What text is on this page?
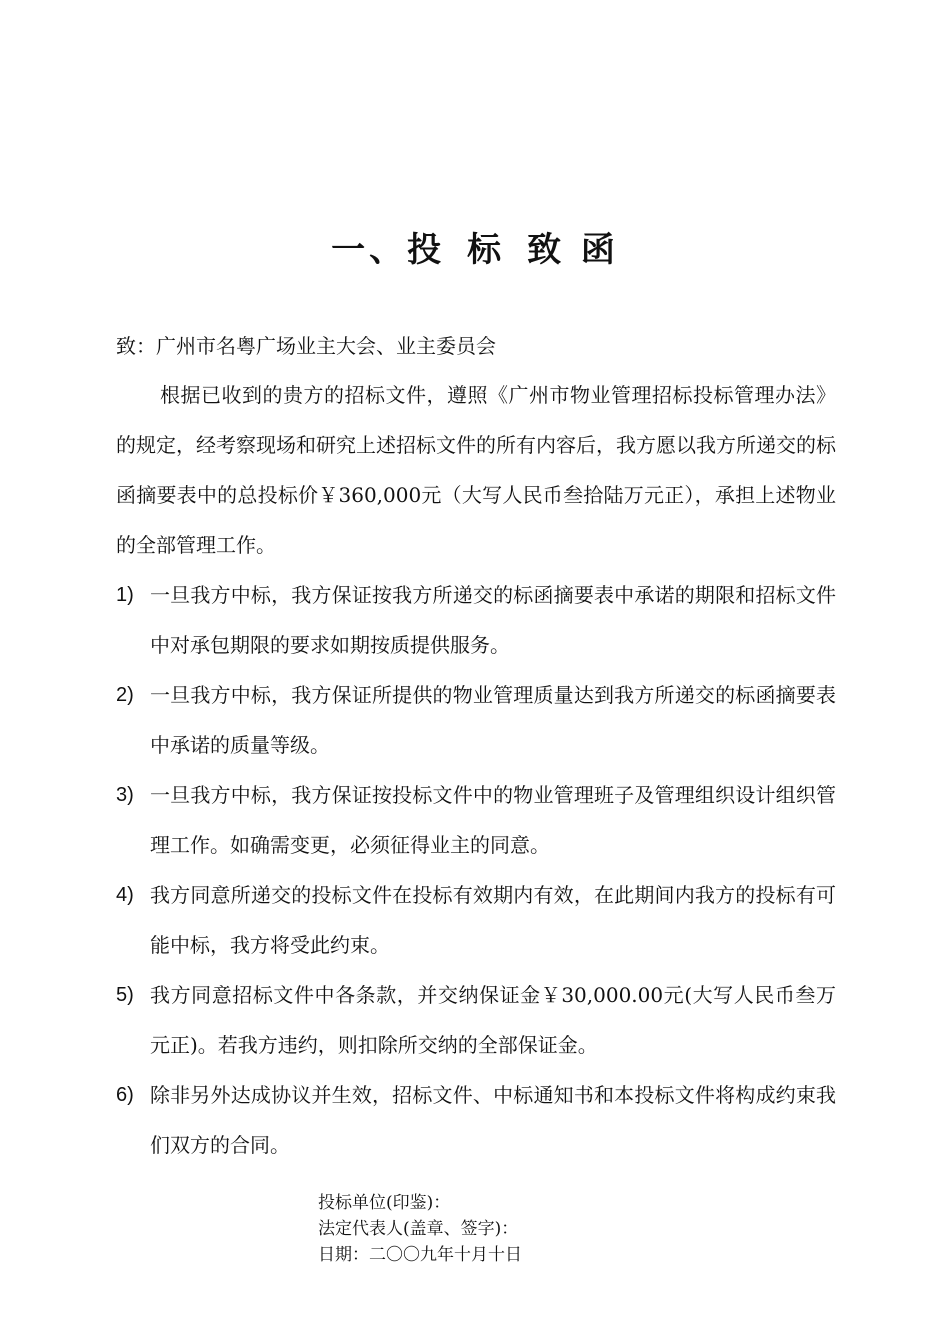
一、投 标 致 函
致：广州市名粤广场业主大会、业主委员会
根据已收到的贵方的招标文件，遵照《广州市物业管理招标投标管理办法》的规定，经考察现场和研究上述招标文件的所有内容后，我方愿以我方所递交的标函摘要表中的总投标价￥360,000元（大写人民币叁拾陆万元正），承担上述物业的全部管理工作。
1) 一旦我方中标，我方保证按我方所递交的标函摘要表中承诺的期限和招标文件中对承包期限的要求如期按质提供服务。
2) 一旦我方中标，我方保证所提供的物业管理质量达到我方所递交的标函摘要表中承诺的质量等级。
3) 一旦我方中标，我方保证按投标文件中的物业管理班子及管理组织设计组织管理工作。如确需变更，必须征得业主的同意。
4) 我方同意所递交的投标文件在投标有效期内有效，在此期间内我方的投标有可能中标，我方将受此约束。
5) 我方同意招标文件中各条款，并交纳保证金￥30,000.00元(大写人民币叁万元正)。若我方违约，则扣除所交纳的全部保证金。
6) 除非另外达成协议并生效，招标文件、中标通知书和本投标文件将构成约束我们双方的合同。
投标单位(印鉴)：
法定代表人(盖章、签字)：
日期：二〇〇九年十月十日
